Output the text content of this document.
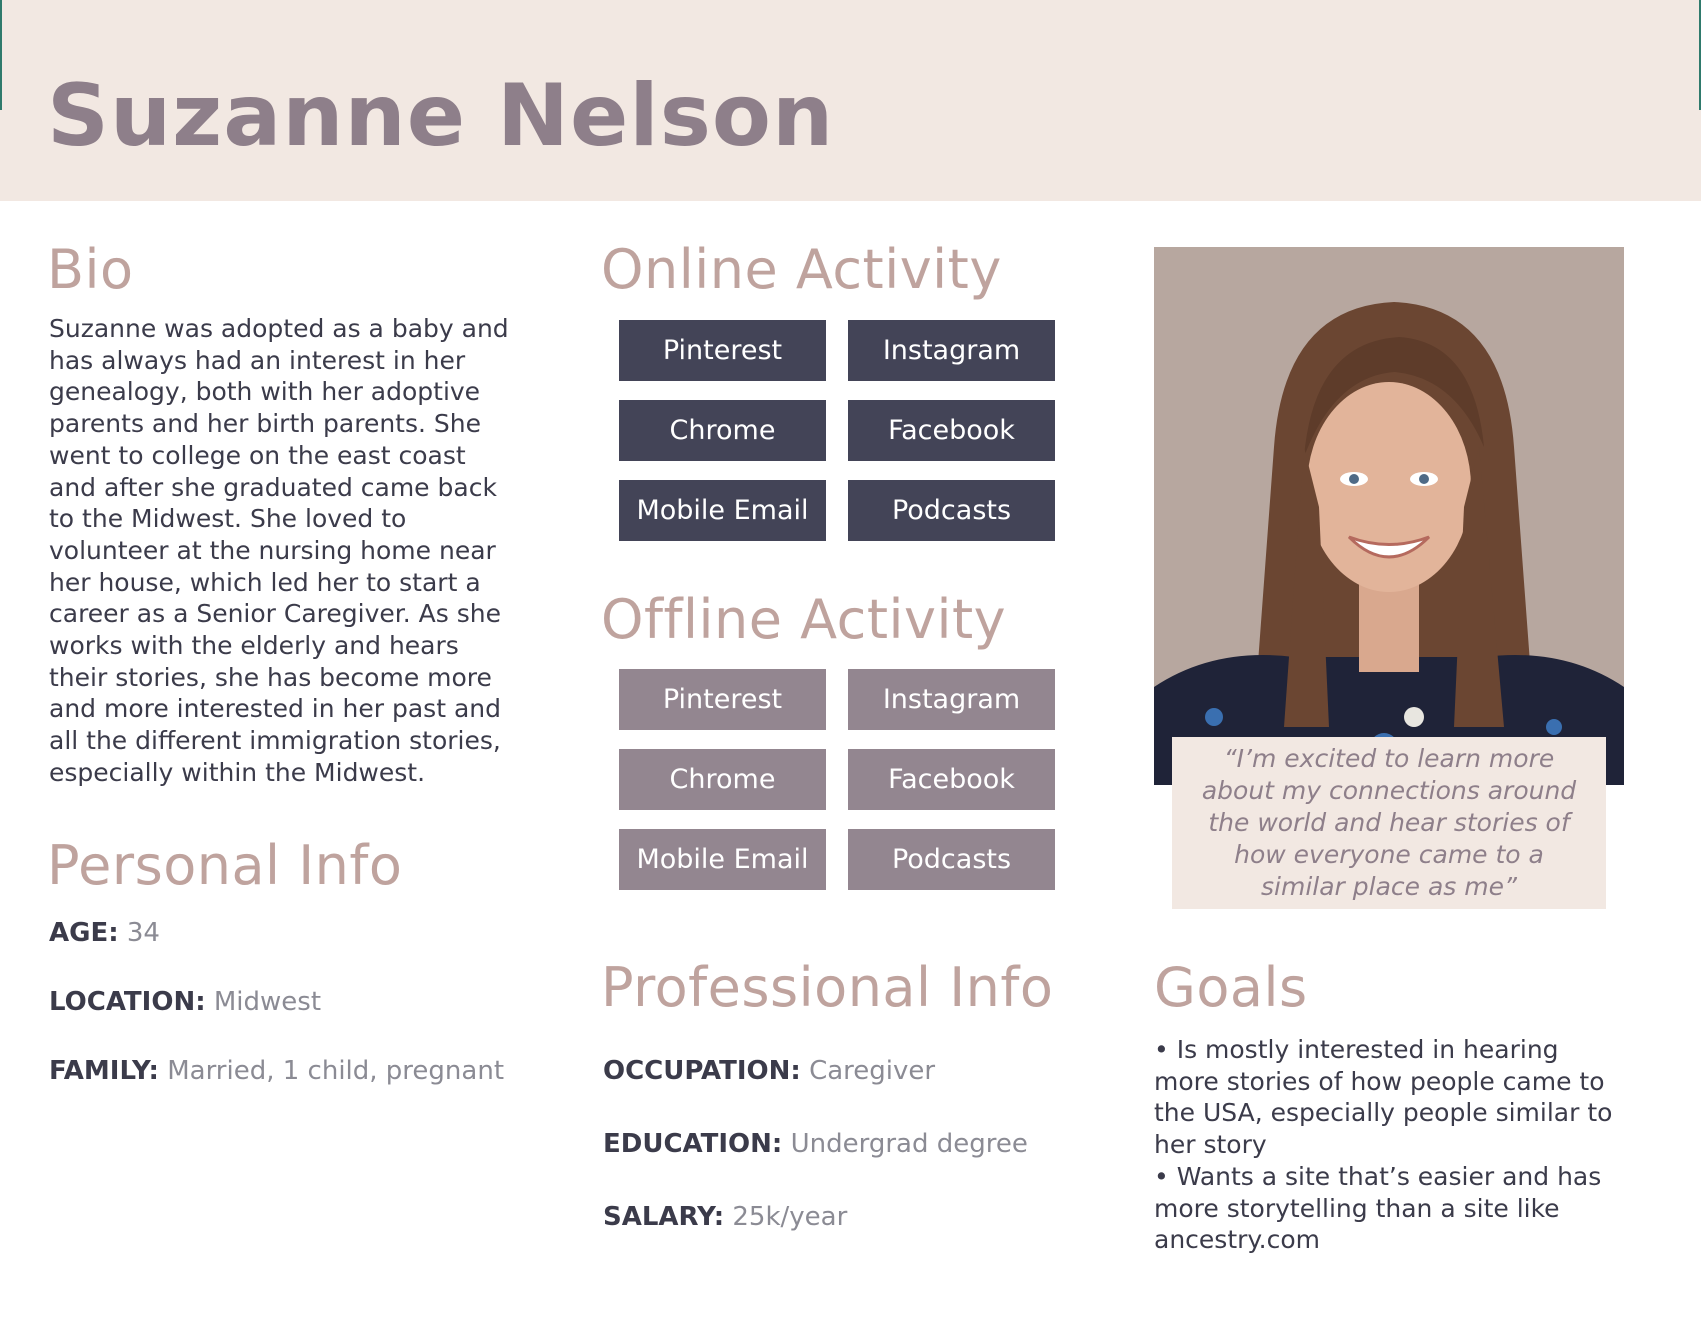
Suzanne Nelson
Bio
Suzanne was adopted as a baby and has always had an interest in her genealogy, both with her adoptive parents and her birth parents. She went to college on the east coast and after she graduated came back to the Midwest. She loved to volunteer at the nursing home near her house, which led her to start a career as a Senior Caregiver. As she works with the elderly and hears their stories, she has become more and more interested in her past and all the different immigration stories, especially within the Midwest.
Online Activity
Pinterest	Instagram
Chrome	Facebook
Mobile Email	Podcasts
Offline Activity
Pinterest	Instagram
Chrome	Facebook
Mobile Email	Podcasts
“I’m excited to learn more about my connections around the world and hear stories of how everyone came to a similar place as me”
Personal Info
AGE: 34
LOCATION: Midwest
FAMILY: Married, 1 child, pregnant
Professional Info
OCCUPATION: Caregiver
EDUCATION: Undergrad degree
SALARY: 25k/year
Goals
• Is mostly interested in hearing more stories of how people came to the USA, especially people similar to her story
• Wants a site that’s easier and has more storytelling than a site like ancestry.com
